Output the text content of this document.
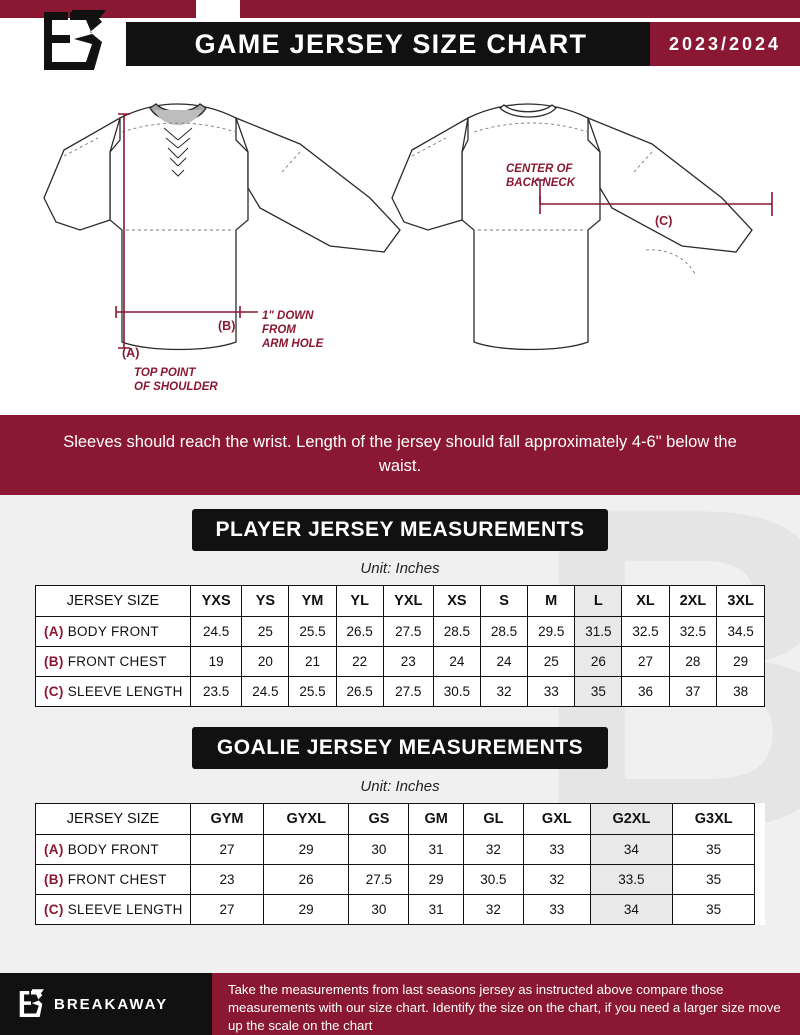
GAME JERSEY SIZE CHART	2023/2024
(B)
(A)
1" DOWN
FROM
ARM HOLE
TOP POINT
OF SHOULDER
(C)
CENTER OF
BACK NECK
Sleeves should reach the wrist. Length of the jersey should fall approximately 4-6" below the waist.
PLAYER JERSEY MEASUREMENTS
Unit: Inches
JERSEY SIZE	YXS	YS	YM	YL	YXL	XS	S	M	L	XL	2XL	3XL
(A) BODY FRONT	24.5	25	25.5	26.5	27.5	28.5	28.5	29.5	31.5	32.5	32.5	34.5
(B) FRONT CHEST	19	20	21	22	23	24	24	25	26	27	28	29
(C) SLEEVE LENGTH	23.5	24.5	25.5	26.5	27.5	30.5	32	33	35	36	37	38
GOALIE JERSEY MEASUREMENTS
Unit: Inches
JERSEY SIZE	GYM	GYXL	GS	GM	GL	GXL	G2XL	G3XL	
(A) BODY FRONT	27	29	30	31	32	33	34	35	
(B) FRONT CHEST	23	26	27.5	29	30.5	32	33.5	35	
(C) SLEEVE LENGTH	27	29	30	31	32	33	34	35	
BREAKAWAY
Take the measurements from last seasons jersey as instructed above compare those measurements with our size chart. Identify the size on the chart, if you need a larger size move up the scale on the chart
